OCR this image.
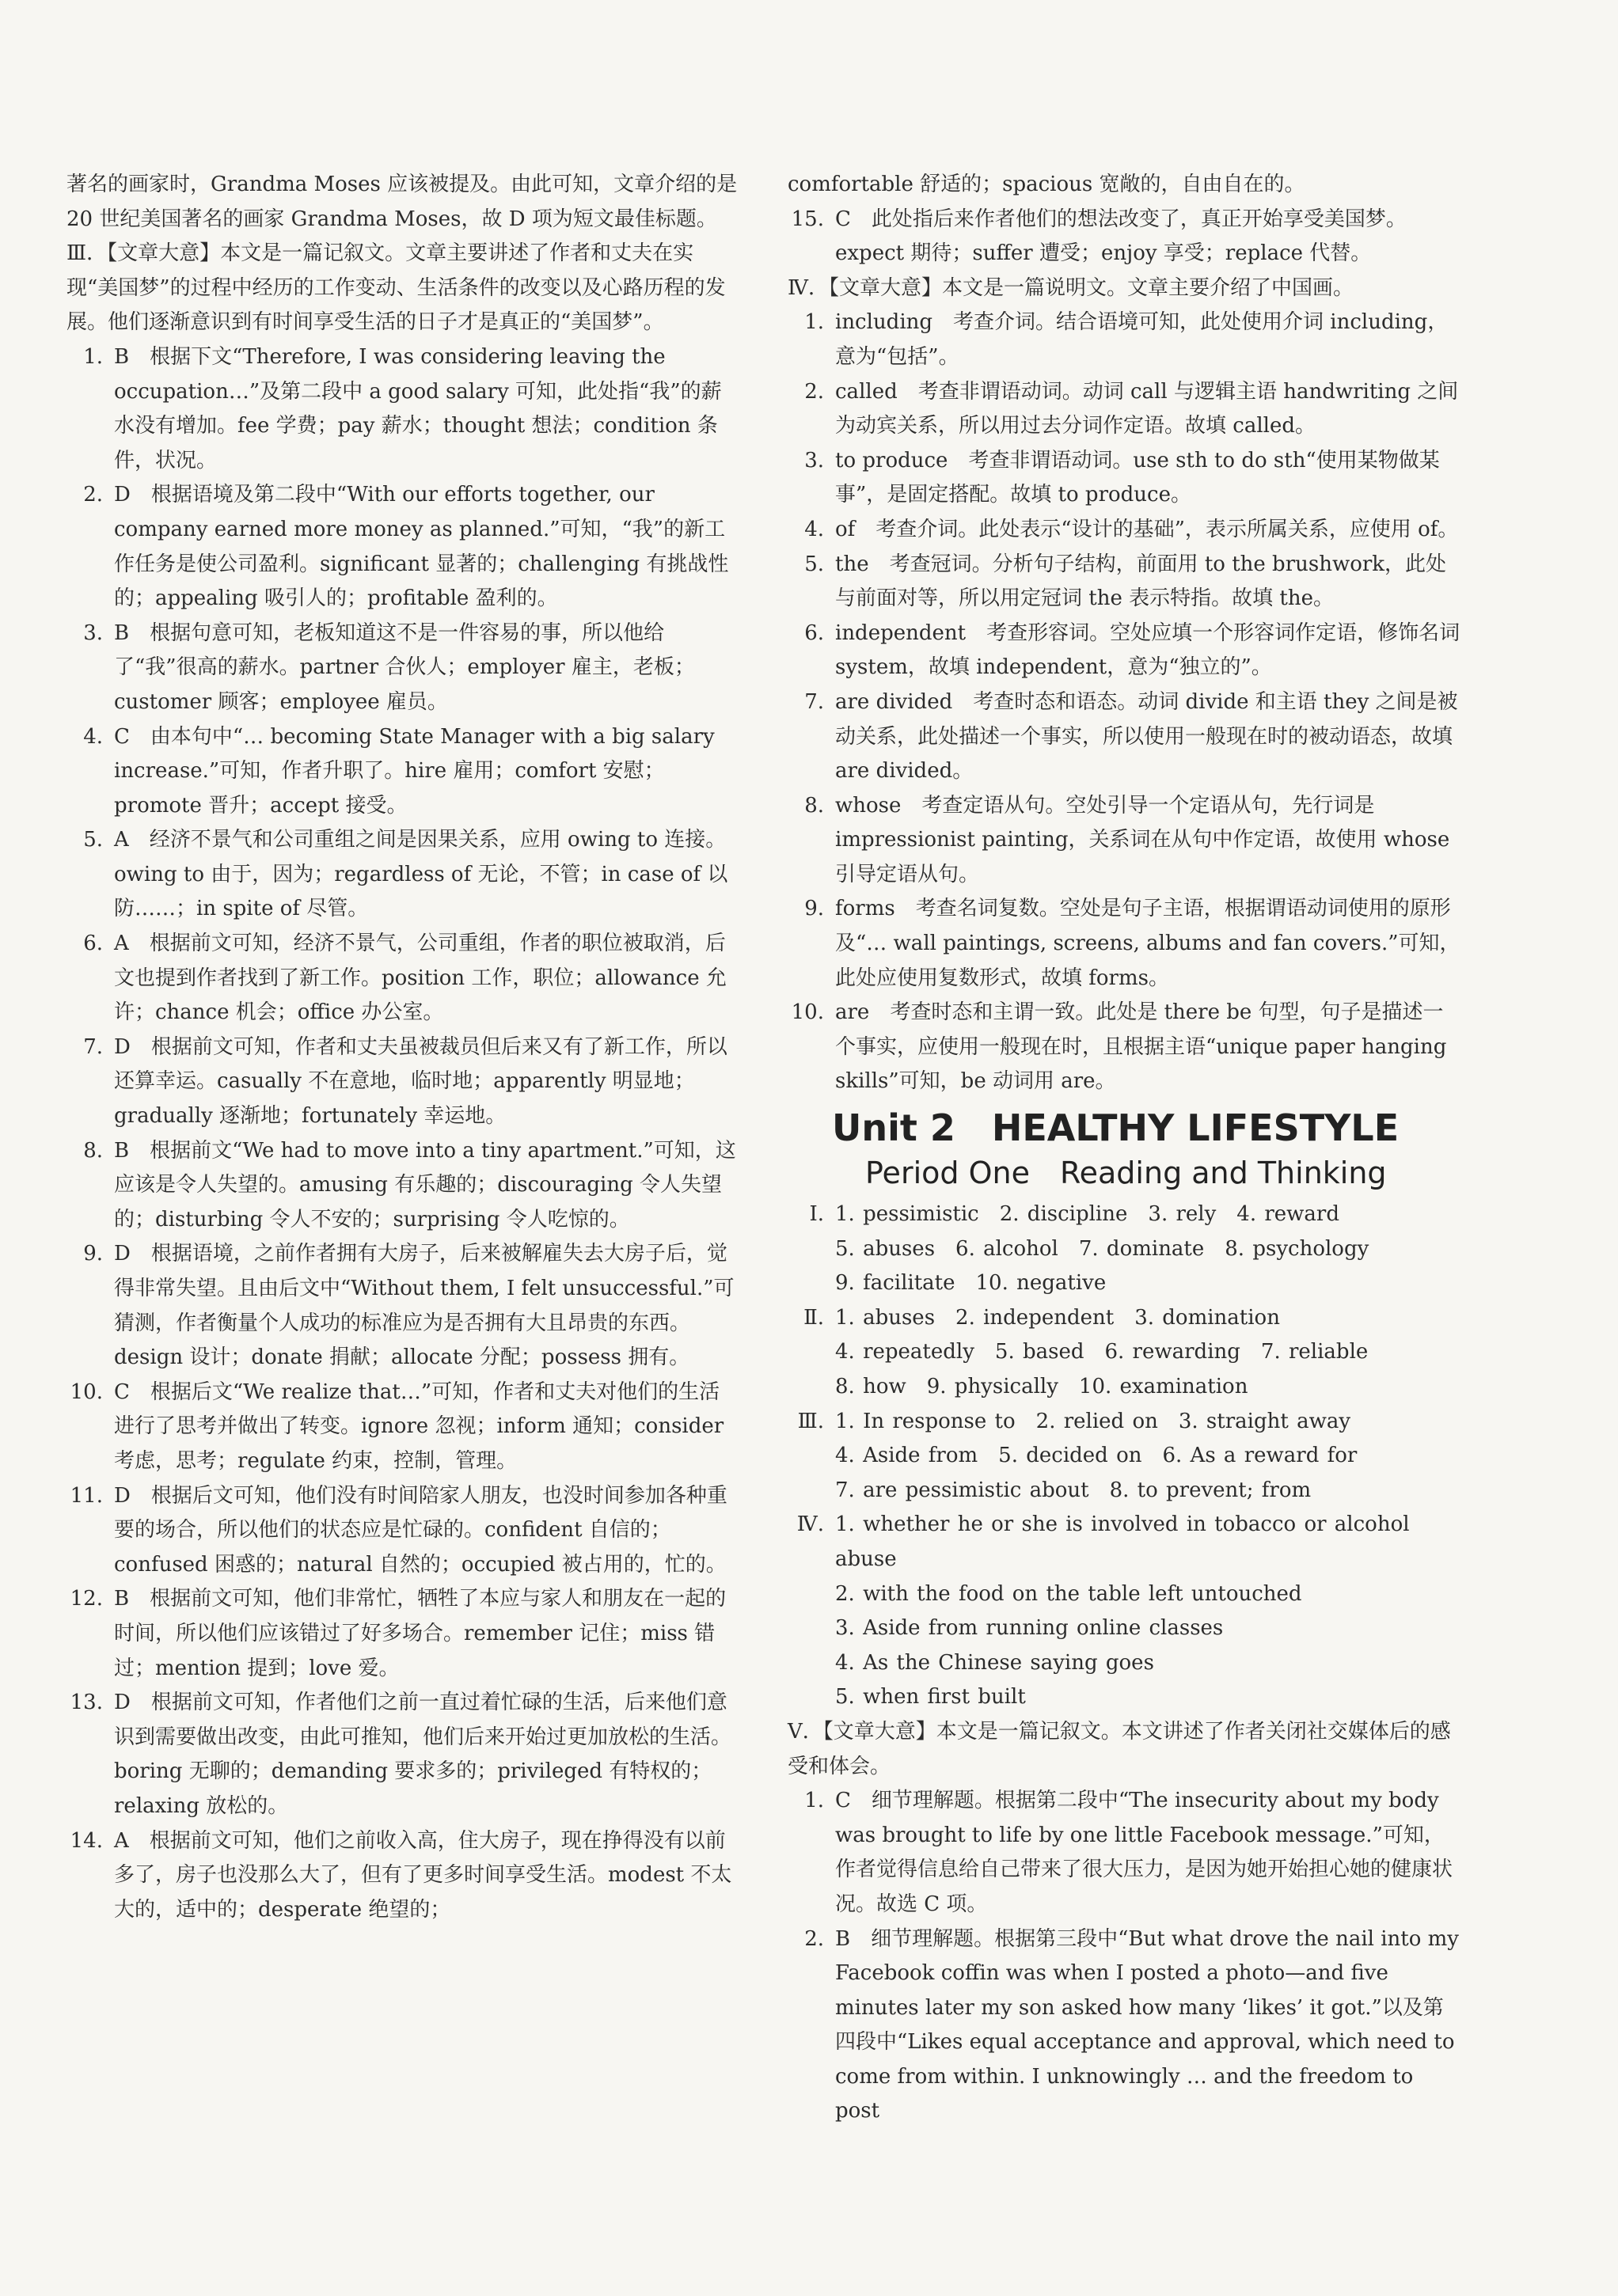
著名的画家时，Grandma Moses 应该被提及。由此可知，文章介绍的是 20 世纪美国著名的画家 Grandma Moses，故 D 项为短文最佳标题。

Ⅲ．【文章大意】本文是一篇记叙文。文章主要讲述了作者和丈夫在实现“美国梦”的过程中经历的工作变动、生活条件的改变以及心路历程的发展。他们逐渐意识到有时间享受生活的日子才是真正的“美国梦”。

1. B　根据下文“Therefore, I was considering leaving the occupation…”及第二段中 a good salary 可知，此处指“我”的薪水没有增加。fee 学费；pay 薪水；thought 想法；condition 条件，状况。
2. D　根据语境及第二段中“With our efforts together, our company earned more money as planned.”可知，“我”的新工作任务是使公司盈利。significant 显著的；challenging 有挑战性的；appealing 吸引人的；profitable 盈利的。
3. B　根据句意可知，老板知道这不是一件容易的事，所以他给了“我”很高的薪水。partner 合伙人；employer 雇主，老板；customer 顾客；employee 雇员。
4. C　由本句中“… becoming State Manager with a big salary increase.”可知，作者升职了。hire 雇用；comfort 安慰；promote 晋升；accept 接受。
5. A　经济不景气和公司重组之间是因果关系，应用 owing to 连接。owing to 由于，因为；regardless of 无论，不管；in case of 以防……；in spite of 尽管。
6. A　根据前文可知，经济不景气，公司重组，作者的职位被取消，后文也提到作者找到了新工作。position 工作，职位；allowance 允许；chance 机会；office 办公室。
7. D　根据前文可知，作者和丈夫虽被裁员但后来又有了新工作，所以还算幸运。casually 不在意地，临时地；apparently 明显地；gradually 逐渐地；fortunately 幸运地。
8. B　根据前文“We had to move into a tiny apartment.”可知，这应该是令人失望的。amusing 有乐趣的；discouraging 令人失望的；disturbing 令人不安的；surprising 令人吃惊的。
9. D　根据语境，之前作者拥有大房子，后来被解雇失去大房子后，觉得非常失望。且由后文中“Without them, I felt unsuccessful.”可猜测，作者衡量个人成功的标准应为是否拥有大且昂贵的东西。design 设计；donate 捐献；allocate 分配；possess 拥有。
10. C　根据后文“We realize that…”可知，作者和丈夫对他们的生活进行了思考并做出了转变。ignore 忽视；inform 通知；consider 考虑，思考；regulate 约束，控制，管理。
11. D　根据后文可知，他们没有时间陪家人朋友，也没时间参加各种重要的场合，所以他们的状态应是忙碌的。confident 自信的；confused 困惑的；natural 自然的；occupied 被占用的，忙的。
12. B　根据前文可知，他们非常忙，牺牲了本应与家人和朋友在一起的时间，所以他们应该错过了好多场合。remember 记住；miss 错过；mention 提到；love 爱。
13. D　根据前文可知，作者他们之前一直过着忙碌的生活，后来他们意识到需要做出改变，由此可推知，他们后来开始过更加放松的生活。boring 无聊的；demanding 要求多的；privileged 有特权的；relaxing 放松的。
14. A　根据前文可知，他们之前收入高，住大房子，现在挣得没有以前多了，房子也没那么大了，但有了更多时间享受生活。modest 不太大的，适中的；desperate 绝望的；

comfortable 舒适的；spacious 宽敞的，自由自在的。

15. C　此处指后来作者他们的想法改变了，真正开始享受美国梦。expect 期待；suffer 遭受；enjoy 享受；replace 代替。

Ⅳ．【文章大意】本文是一篇说明文。文章主要介绍了中国画。

1. including　考查介词。结合语境可知，此处使用介词 including，意为“包括”。
2. called　考查非谓语动词。动词 call 与逻辑主语 handwriting 之间为动宾关系，所以用过去分词作定语。故填 called。
3. to produce　考查非谓语动词。use sth to do sth“使用某物做某事”，是固定搭配。故填 to produce。
4. of　考查介词。此处表示“设计的基础”，表示所属关系，应使用 of。
5. the　考查冠词。分析句子结构，前面用 to the brushwork，此处与前面对等，所以用定冠词 the 表示特指。故填 the。
6. independent　考查形容词。空处应填一个形容词作定语，修饰名词 system，故填 independent，意为“独立的”。
7. are divided　考查时态和语态。动词 divide 和主语 they 之间是被动关系，此处描述一个事实，所以使用一般现在时的被动语态，故填 are divided。
8. whose　考查定语从句。空处引导一个定语从句，先行词是 impressionist painting，关系词在从句中作定语，故使用 whose 引导定语从句。
9. forms　考查名词复数。空处是句子主语，根据谓语动词使用的原形及“… wall paintings, screens, albums and fan covers.”可知，此处应使用复数形式，故填 forms。
10. are　考查时态和主谓一致。此处是 there be 句型，句子是描述一个事实，应使用一般现在时，且根据主语“unique paper hanging skills”可知，be 动词用 are。
Unit 2　HEALTHY LIFESTYLE
Period One　Reading and Thinking
Ⅰ. 1. pessimistic　2. discipline　3. rely　4. reward
5. abuses　6. alcohol　7. dominate　8. psychology
9. facilitate　10. negative
Ⅱ. 1. abuses　2. independent　3. domination
4. repeatedly　5. based　6. rewarding　7. reliable
8. how　9. physically　10. examination
Ⅲ. 1. In response to　2. relied on　3. straight away
4. Aside from　5. decided on　6. As a reward for
7. are pessimistic about　8. to prevent; from
Ⅳ. 1. whether he or she is involved in tobacco or alcohol abuse
2. with the food on the table left untouched
3. Aside from running online classes
4. As the Chinese saying goes
5. when first built

Ⅴ．【文章大意】本文是一篇记叙文。本文讲述了作者关闭社交媒体后的感受和体会。

1. C　细节理解题。根据第二段中“The insecurity about my body was brought to life by one little Facebook message.”可知，作者觉得信息给自己带来了很大压力，是因为她开始担心她的健康状况。故选 C 项。
2. B　细节理解题。根据第三段中“But what drove the nail into my Facebook coffin was when I posted a photo—and five minutes later my son asked how many ‘likes’ it got.”以及第四段中“Likes equal acceptance and approval, which need to come from within. I unknowingly … and the freedom to post
